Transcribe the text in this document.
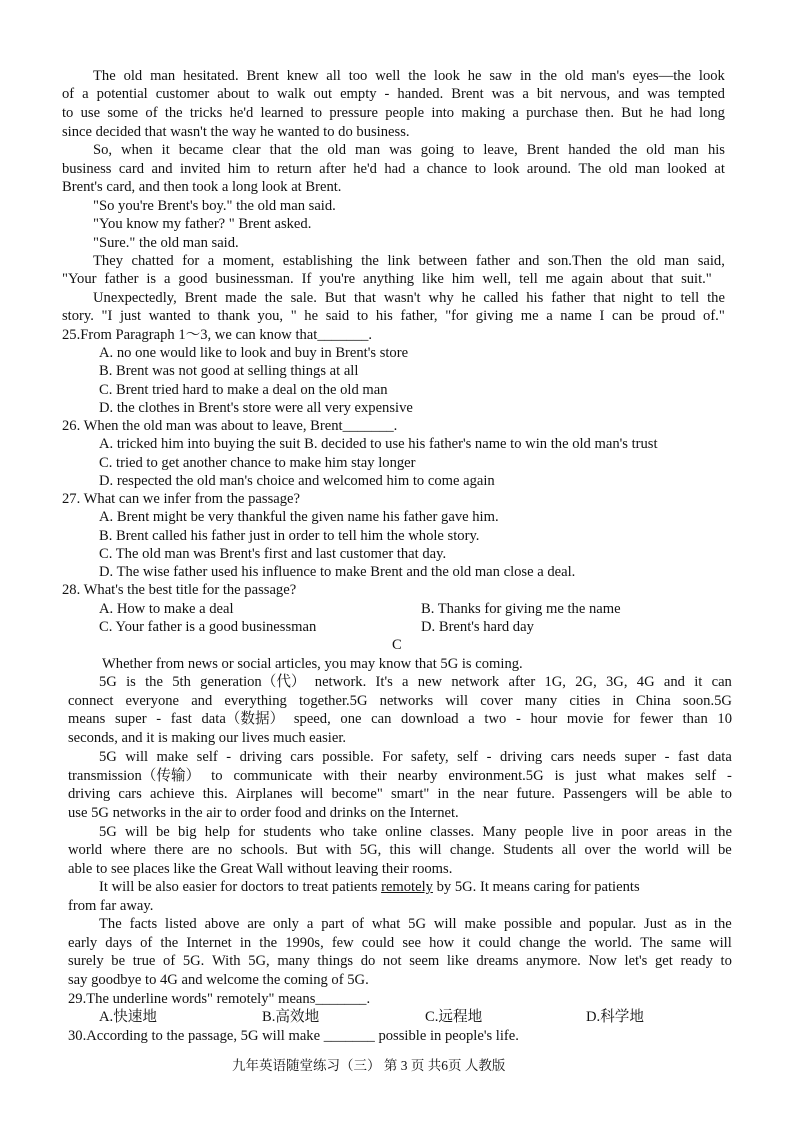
The old man hesitated. Brent knew all too well the look he saw in the old man's eyes—the look
of a potential customer about to walk out empty - handed. Brent was a bit nervous, and was tempted
to use some of the tricks he'd learned to pressure people into making a purchase then. But he had long
since decided that wasn't the way he wanted to do business.
So, when it became clear that the old man was going to leave, Brent handed the old man his
business card and invited him to return after he'd had a chance to look around. The old man looked at
Brent's card, and then took a long look at Brent.
"So you're Brent's boy." the old man said.
"You know my father? " Brent asked.
"Sure." the old man said.
They chatted for a moment, establishing the link between father and son.Then the old man said,
"Your father is a good businessman. If you're anything like him well, tell me again about that suit."
Unexpectedly, Brent made the sale. But that wasn't why he called his father that night to tell the
story. "I just wanted to thank you, " he said to his father, "for giving me a name I can be proud of."
25.From Paragraph 1～3, we can know that_______.
A. no one would like to look and buy in Brent's store
B. Brent was not good at selling things at all
C. Brent tried hard to make a deal on the old man
D. the clothes in Brent's store were all very expensive
26. When the old man was about to leave, Brent_______.
A. tricked him into buying the suit B. decided to use his father's name to win the old man's trust
C. tried to get another chance to make him stay longer
D. respected the old man's choice and welcomed him to come again
27. What can we infer from the passage?
A. Brent might be very thankful the given name his father gave him.
B. Brent called his father just in order to tell him the whole story.
C. The old man was Brent's first and last customer that day.
D. The wise father used his influence to make Brent and the old man close a deal.
28. What's the best title for the passage?
A. How to make a deal	B. Thanks for giving me the name
C. Your father is a good businessman	D. Brent's hard day
C
Whether from news or social articles, you may know that 5G is coming.
5G is the 5th generation（代） network. It's a new network after 1G, 2G, 3G, 4G and it can
connect everyone and everything together.5G networks will cover many cities in China soon.5G
means super - fast data（数据） speed, one can download a two - hour movie for fewer than 10
seconds, and it is making our lives much easier.
5G will make self - driving cars possible. For safety, self - driving cars needs super - fast data
transmission（传输） to communicate with their nearby environment.5G is just what makes self -
driving cars achieve this. Airplanes will become" smart" in the near future. Passengers will be able to
use 5G networks in the air to order food and drinks on the Internet.
5G will be big help for students who take online classes. Many people live in poor areas in the
world where there are no schools. But with 5G, this will change. Students all over the world will be
able to see places like the Great Wall without leaving their rooms.
It will be also easier for doctors to treat patients remotely by 5G. It means caring for patients
from far away.
The facts listed above are only a part of what 5G will make possible and popular. Just as in the
early days of the Internet in the 1990s, few could see how it could change the world. The same will
surely be true of 5G. With 5G, many things do not seem like dreams anymore. Now let's get ready to
say goodbye to 4G and welcome the coming of 5G.
29.The underline words" remotely" means_______.
A.快速地	B.高效地	C.远程地	D.科学地
30.According to the passage, 5G will make _______ possible in people's life.
九年英语随堂练习（三） 第 3 页 共6页 人教版
